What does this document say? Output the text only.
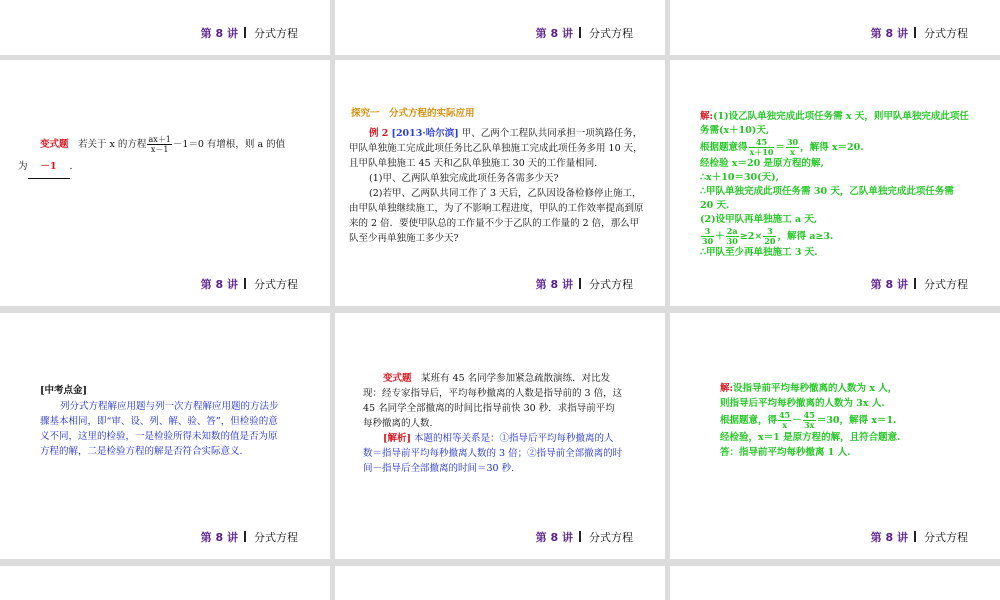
第 8 讲 分式方程	第 8 讲 分式方程	第 8 讲 分式方程
变式题　 若关于 x 的方程 $\frac{ax+1}{x-1} -1=0$ 有增根，则 a 的值
为 －1 .
第 8 讲 分式方程
探究一　分式方程的实际应用
例 2 [2013·哈尔滨] 甲、乙两个工程队共同承担一项筑路任务，甲队单独施工完成此项任务比乙队单独施工完成此项任务多用 10 天，且甲队单独施工 45 天和乙队单独施工 30 天的工作量相同.
(1)甲、乙两队单独完成此项任务各需多少天?
(2)若甲、乙两队共同工作了 3 天后，乙队因设备检修停止施工，由甲队单独继续施工，为了不影响工程进度，甲队的工作效率提高到原来的 2 倍．要使甲队总的工作量不少于乙队的工作量的 2 倍，那么甲队至少再单独施工多少天?
第 8 讲 分式方程
解:(1)设乙队单独完成此项任务需 x 天，则甲队单独完成此项任务需(x＋10)天,
根据题意得 $\frac{45}{x+10} = \frac{30}{x}$ ，解得 x＝20.
经检验 x＝20 是原方程的解,
∴x＋10＝30(天),
∴甲队单独完成此项任务需 30 天，乙队单独完成此项任务需 20 天.
(2)设甲队再单独施工 a 天,

$\frac{3}{30} + \frac{2a}{30} \ge 2\times \frac{3}{20}$ ，解得 a≥3.
∴甲队至少再单独施工 3 天.
第 8 讲 分式方程
[中考点金]
列分式方程解应用题与列一次方程解应用题的方法步骤基本相同，即“审、设、列、解、验、答”，但检验的意义不同，这里的检验，一是检验所得未知数的值是否为原方程的解，二是检验方程的解是否符合实际意义.
第 8 讲 分式方程
变式题　 某班有 45 名同学参加紧急疏散演练．对比发现：经专家指导后，平均每秒撤离的人数是指导前的 3 倍，这 45 名同学全部撤离的时间比指导前快 30 秒．求指导前平均每秒撤离的人数.
[解析] 本题的相等关系是：①指导后平均每秒撤离的人数＝指导前平均每秒撤离人数的 3 倍；②指导前全部撤离的时间－指导后全部撤离的时间＝30 秒.
第 8 讲 分式方程
解:设指导前平均每秒撤离的人数为 x 人，
则指导后平均每秒撤离的人数为 3x 人.
根据题意，得 $\frac{45}{x} - \frac{45}{3x} =30$，解得 x＝1.
经检验，x＝1 是原方程的解，且符合题意.
答：指导前平均每秒撤离 1 人.
第 8 讲 分式方程
